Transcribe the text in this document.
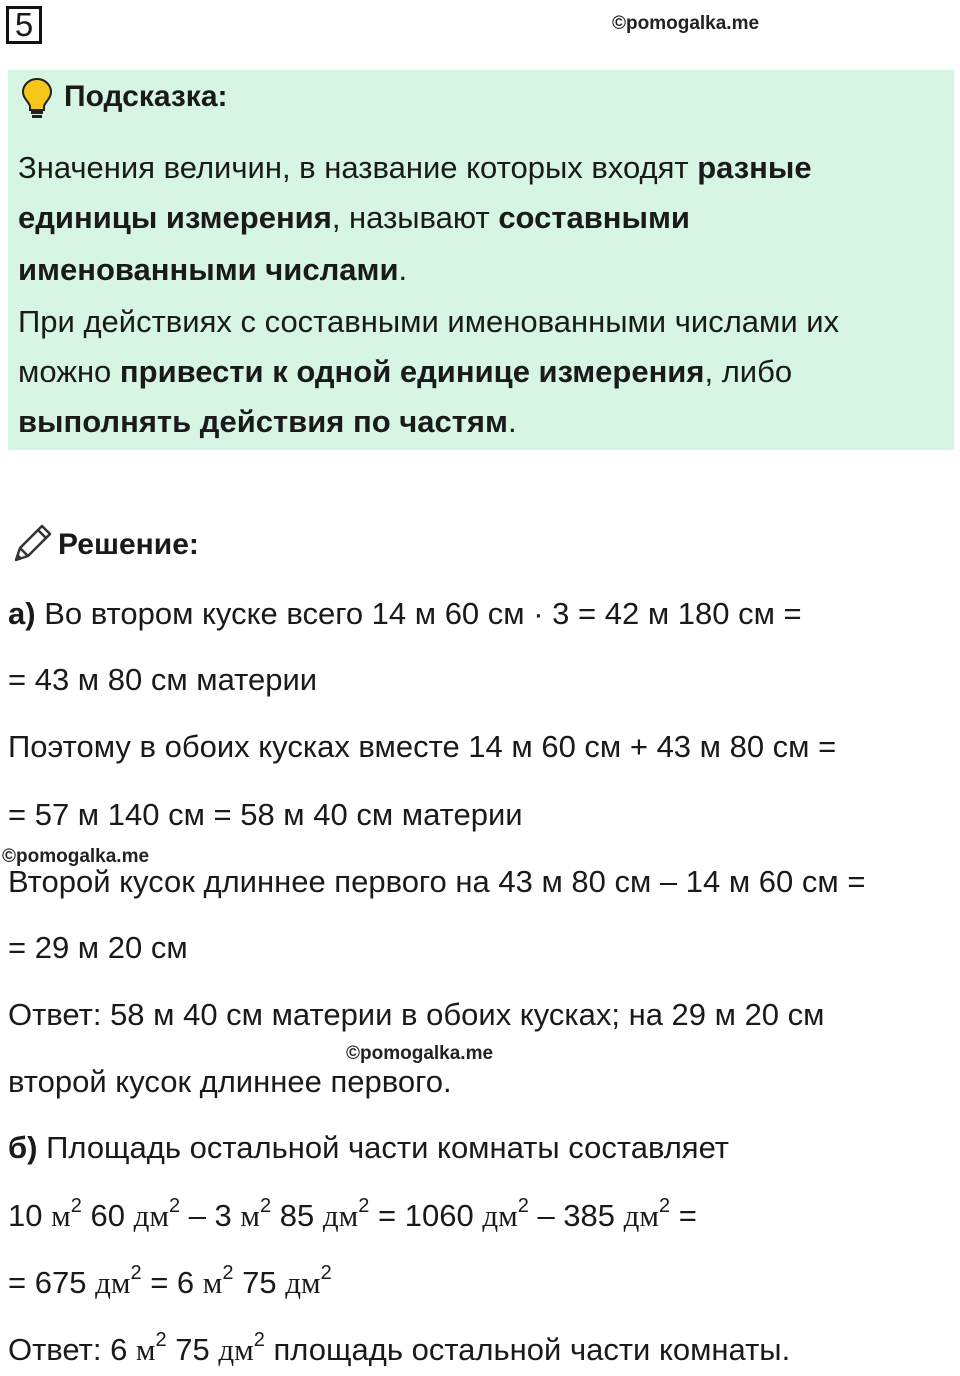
5	©pomogalka.me
Подсказка:
Значения величин, в название которых входят разные
единицы измерения, называют составными
именованными числами.
При действиях с составными именованными числами их
можно привести к одной единице измерения, либо
выполнять действия по частям.
Решение:
а) Во втором куске всего 14 м 60 см · 3 = 42 м 180 см =
= 43 м 80 см материи
Поэтому в обоих кусках вместе 14 м 60 см + 43 м 80 см =
= 57 м 140 см = 58 м 40 см материи
©pomogalka.me
Второй кусок длиннее первого на 43 м 80 см – 14 м 60 см =
= 29 м 20 см
Ответ: 58 м 40 см материи в обоих кусках; на 29 м 20 см
©pomogalka.me
второй кусок длиннее первого.
б) Площадь остальной части комнаты составляет
10 $м^2$ 60 $дм^2 - 3$ $м^2$ 85 $дм^2 = 1060$ $дм^2 - 385$ $дм^2$ =
= 675 $дм^2 = 6$ $м^2$ 75 $дм^2$
Ответ: 6 $м^2$ 75 $дм^2$ площадь остальной части комнаты.
